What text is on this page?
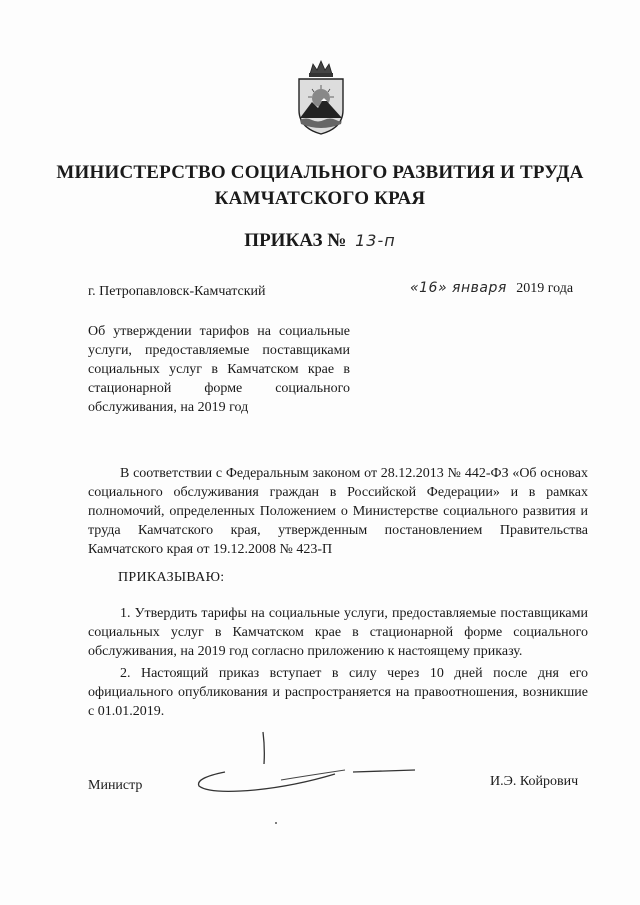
МИНИСТЕРСТВО СОЦИАЛЬНОГО РАЗВИТИЯ И ТРУДА
КАМЧАТСКОГО КРАЯ
ПРИКАЗ № 13-п
г. Петропавловск-Камчатский	«16» января 2019 года
Об утверждении тарифов на социальные услуги, предоставляемые поставщиками социальных услуг в Камчатском крае в стационарной форме социального обслуживания, на 2019 год

В соответствии с Федеральным законом от 28.12.2013 № 442-ФЗ «Об основах социального обслуживания граждан в Российской Федерации» и в рамках полномочий, определенных Положением о Министерстве социального развития и труда Камчатского края, утвержденным постановлением Правительства Камчатского края от 19.12.2008 № 423-П

ПРИКАЗЫВАЮ:

1. Утвердить тарифы на социальные услуги, предоставляемые поставщиками социальных услуг в Камчатском крае в стационарной форме социального обслуживания, на 2019 год согласно приложению к настоящему приказу.

2. Настоящий приказ вступает в силу через 10 дней после дня его официального опубликования и распространяется на правоотношения, возникшие с 01.01.2019.

Министр	И.Э. Койрович
